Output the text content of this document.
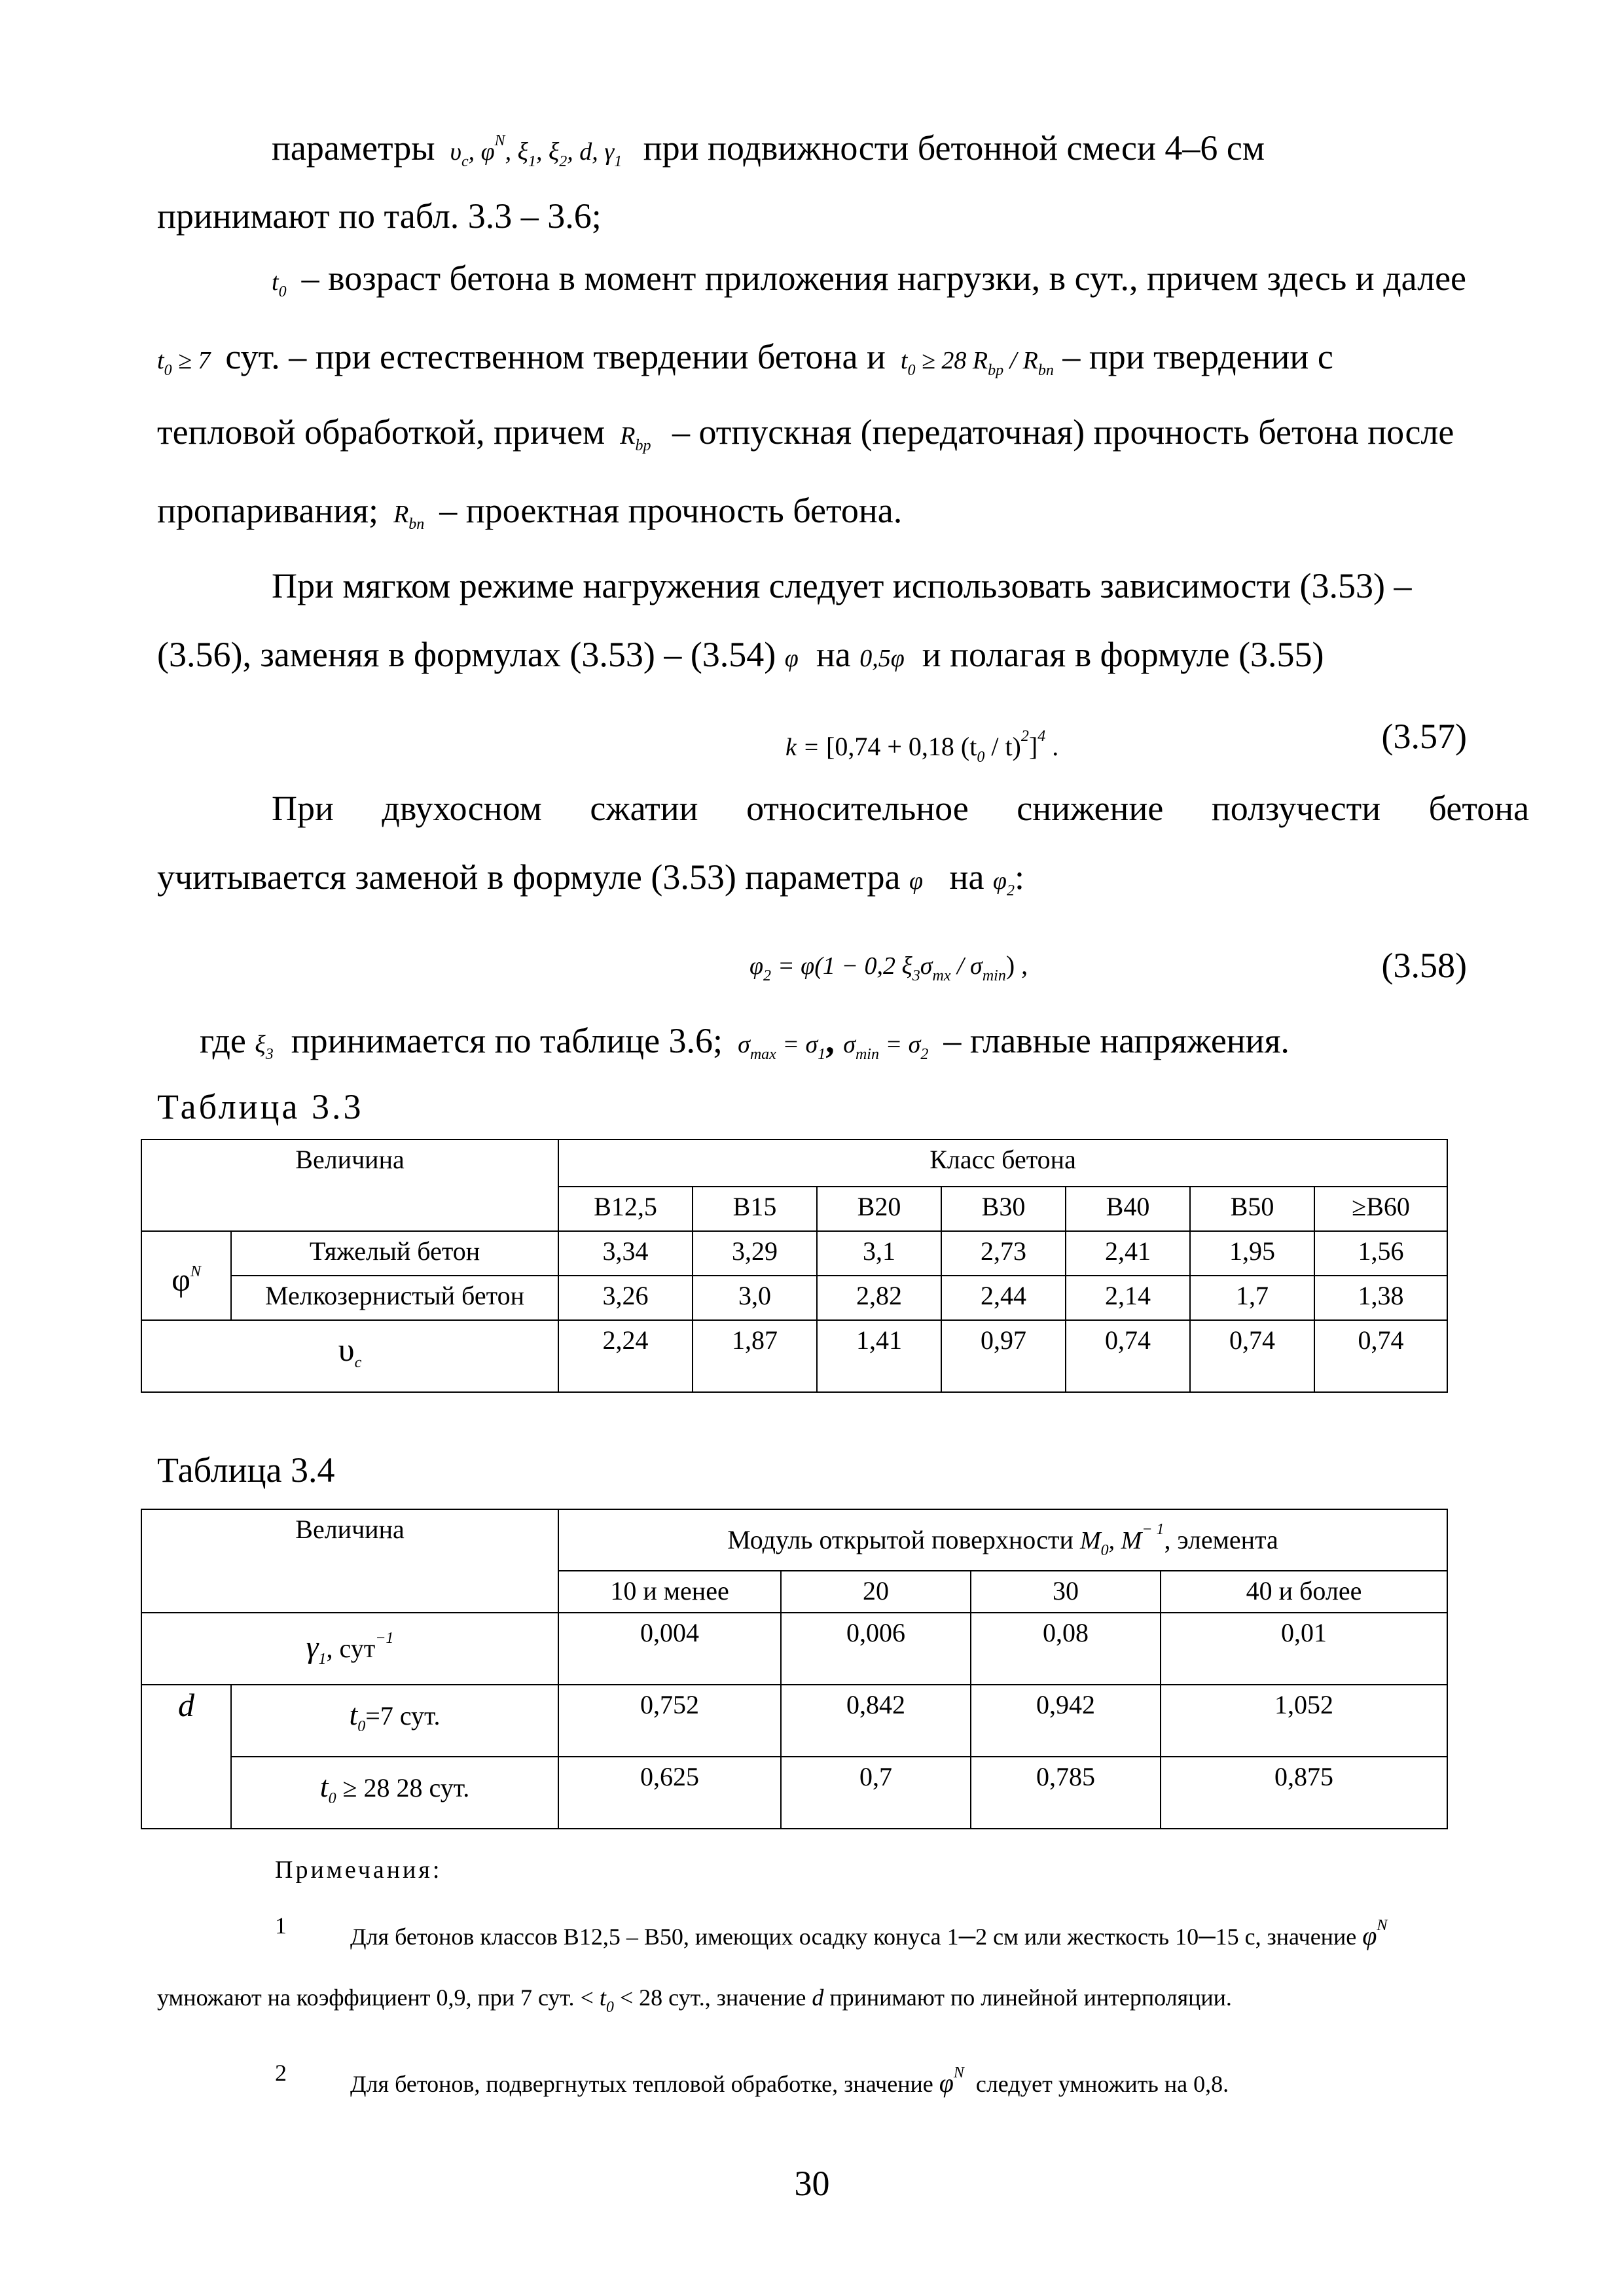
параметры $\upsilon_c$, $\varphi^N$, $\xi_1$, $\xi_2$, d, $\gamma_1$ при подвижности бетонной смеси 4–6 см
принимают по табл. 3.3 – 3.6;
$t_0$ – возраст бетона в момент приложения нагрузки, в сут., причем здесь и далее
$t_0 \ge 7$ сут. – при естественном твердении бетона и $t_0 \ge 28$ $R_{bp} / R_{bn}$ – при твердении с
тепловой обработкой, причем $R_{bp}$ – отпускная (передаточная) прочность бетона после
пропаривания; $R_{bn}$ – проектная прочность бетона.
При мягком режиме нагружения следует использовать зависимости (3.53) –
(3.56), заменяя в формулах (3.53) – (3.54) φ на 0,5φ и полагая в формуле (3.55)
k = [0,74 + 0,18 $(t_0 / t)^2]^4$ .	(3.57)
При двухосном сжатии относительное снижение ползучести бетона
учитывается заменой в формуле (3.53) параметра φ на $\varphi_2$:
$\varphi_2 = \varphi(1 - 0,2$ $\xi_3\sigma_{mx} / \sigma_{min}$) ,	(3.58)
где $\xi_3$ принимается по таблице 3.6; $\sigma_{max} = \sigma_1$, $\sigma_{min} = \sigma_2$ – главные напряжения.
Таблица 3.3
Величина		Класс бетона						
		В12,5	В15	В20	В30	В40	В50	≥В60
$\varphi^N$	Тяжелый бетон	3,34	3,29	3,1	2,73	2,41	1,95	1,56
	Мелкозернистый бетон	3,26	3,0	2,82	2,44	2,14	1,7	1,38
$\upsilon_c$		2,24	1,87	1,41	0,97	0,74	0,74	0,74
Таблица 3.4
Величина		Модуль открытой поверхности $M_0$, $M^{- 1}$, элемента			
		10 и менее	20	30	40 и более
$\gamma_1$, сут$^{-1}$		0,004	0,006	0,08	0,01
d	$t_0=7$ сут.	0,752	0,842	0,942	1,052
	$t_0 \ge 28$ 28 сут.	0,625	0,7	0,785	0,875
Примечания:
1	Для бетонов классов В12,5 – В50, имеющих осадку конуса 1─2 см или жесткость 10─15 с, значение $\varphi^N$
умножают на коэффициент 0,9, при 7 сут. < $t_0 < 28$ сут., значение d принимают по линейной интерполяции.
2	Для бетонов, подвергнутых тепловой обработке, значение $\varphi^N$ следует умножить на 0,8.
30
